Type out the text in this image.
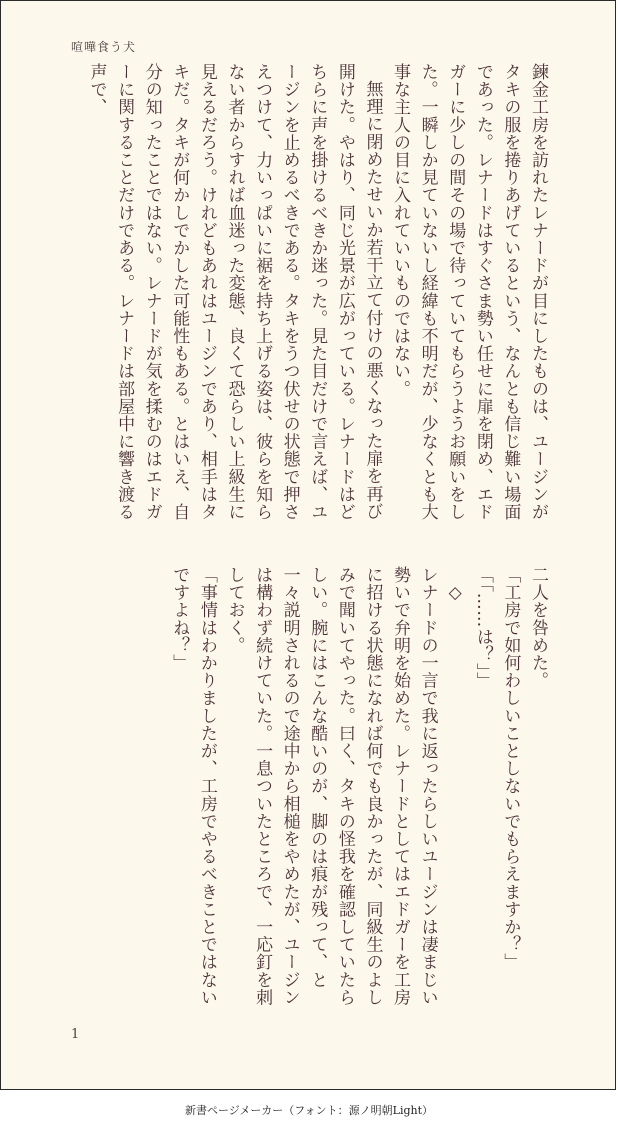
喧嘩食う犬

鍊金工房を訪れたレナードが目にしたものは、ユージンがタキの服を捲りあげているという、なんとも信じ難い場面であった。レナードはすぐさま勢い任せに扉を閉め、エドガーに少しの間その場で待っていてもらうようお願いをした。一瞬しか見ていないし経緯も不明だが、少なくとも大事な主人の目に入れていいものではない。

無理に閉めたせいか若干立て付けの悪くなった扉を再び開けた。やはり、同じ光景が広がっている。レナードはどちらに声を掛けるべきか迷った。見た目だけで言えば、ユージンを止めるべきである。タキをうつ伏せの状態で押さえつけて、力いっぱいに裾を持ち上げる姿は、彼らを知らない者からすれば血迷った変態、良くて恐らしい上級生に見えるだろう。けれどもあれはユージンであり、相手はタキだ。タキが何かしでかした可能性もある。とはいえ、自分の知ったことではない。レナードが気を揉むのはエドガーに関することだけである。レナードは部屋中に響き渡る声で、

二人を咎めた。

「工房で如何わしいことしないでもらえますか？」

「「……は？」」

◇

レナードの一言で我に返ったらしいユージンは凄まじい勢いで弁明を始めた。レナードとしてはエドガーを工房に招ける状態になれば何でも良かったが、同級生のよしみで聞いてやった。曰く、タキの怪我を確認していたらしい。腕にはこんな酷いのが、脚のは痕が残って、と一々説明されるので途中から相槌をやめたが、ユージンは構わず続けていた。一息ついたところで、一応釘を刺しておく。

「事情はわかりましたが、工房でやるべきことではないですよね？」

1
新書ページメーカー（フォント：源ノ明朝Light）
